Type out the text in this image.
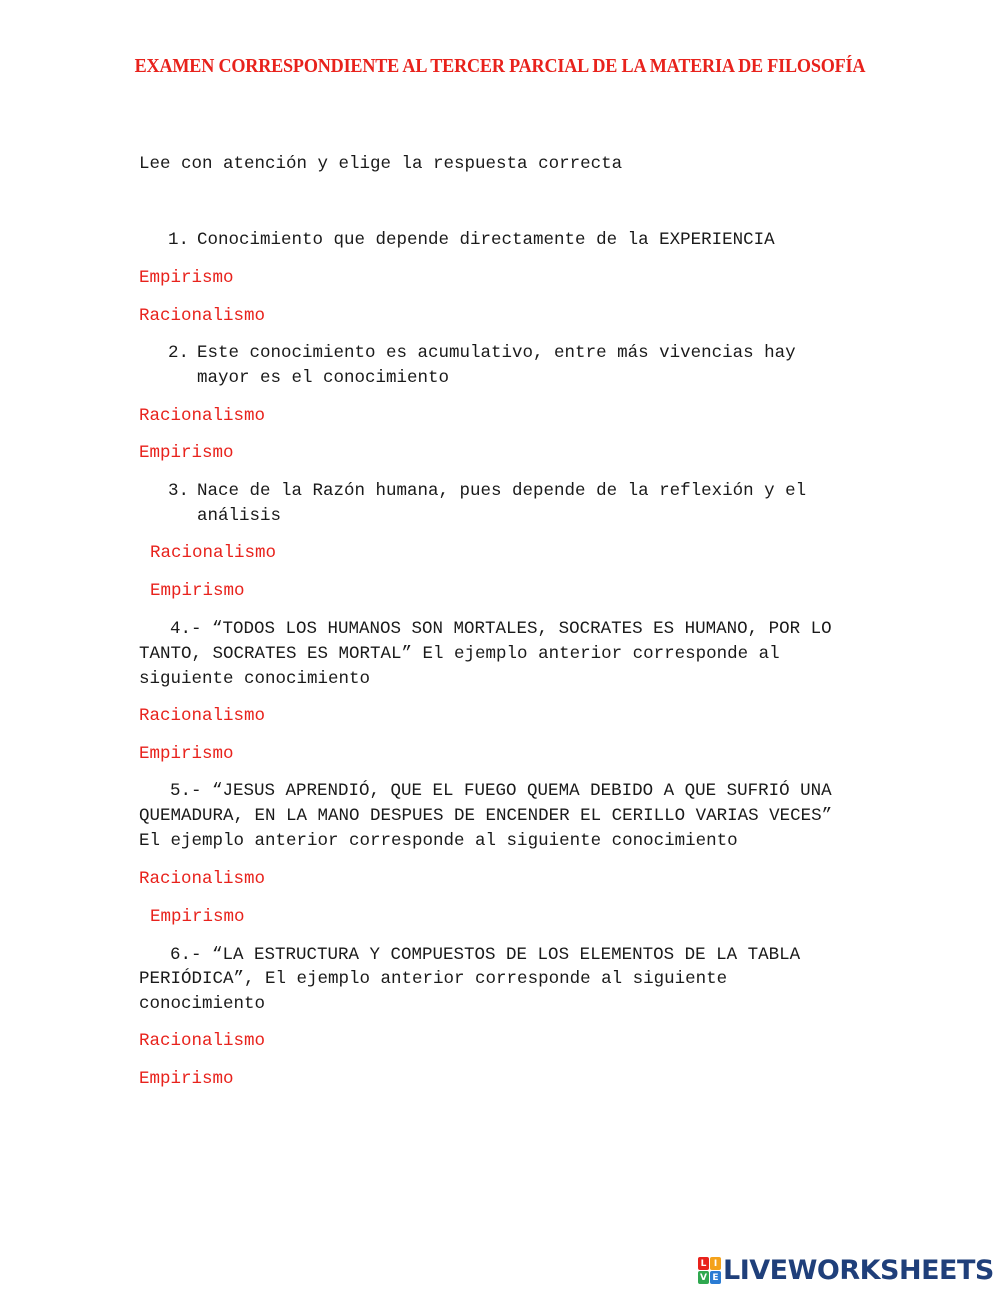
EXAMEN CORRESPONDIENTE AL TERCER PARCIAL DE LA MATERIA DE FILOSOFÍA
Lee con atención y elige la respuesta correcta
1. Conocimiento que depende directamente de la EXPERIENCIA
Empirismo
Racionalismo
2. Este conocimiento es acumulativo, entre más vivencias hay
mayor es el conocimiento
Racionalismo
Empirismo
3. Nace de la Razón humana, pues depende de la reflexión y el
análisis
Racionalismo
Empirismo
4.- “TODOS LOS HUMANOS SON MORTALES, SOCRATES ES HUMANO, POR LO
TANTO, SOCRATES ES MORTAL” El ejemplo anterior corresponde al
siguiente conocimiento
Racionalismo
Empirismo
5.- “JESUS APRENDIÓ, QUE EL FUEGO QUEMA DEBIDO A QUE SUFRIÓ UNA
QUEMADURA, EN LA MANO DESPUES DE ENCENDER EL CERILLO VARIAS VECES”
El ejemplo anterior corresponde al siguiente conocimiento
Racionalismo
Empirismo
6.- “LA ESTRUCTURA Y COMPUESTOS DE LOS ELEMENTOS DE LA TABLA
PERIÓDICA”, El ejemplo anterior corresponde al siguiente
conocimiento
Racionalismo
Empirismo
L I
V E LIVEWORKSHEETS
